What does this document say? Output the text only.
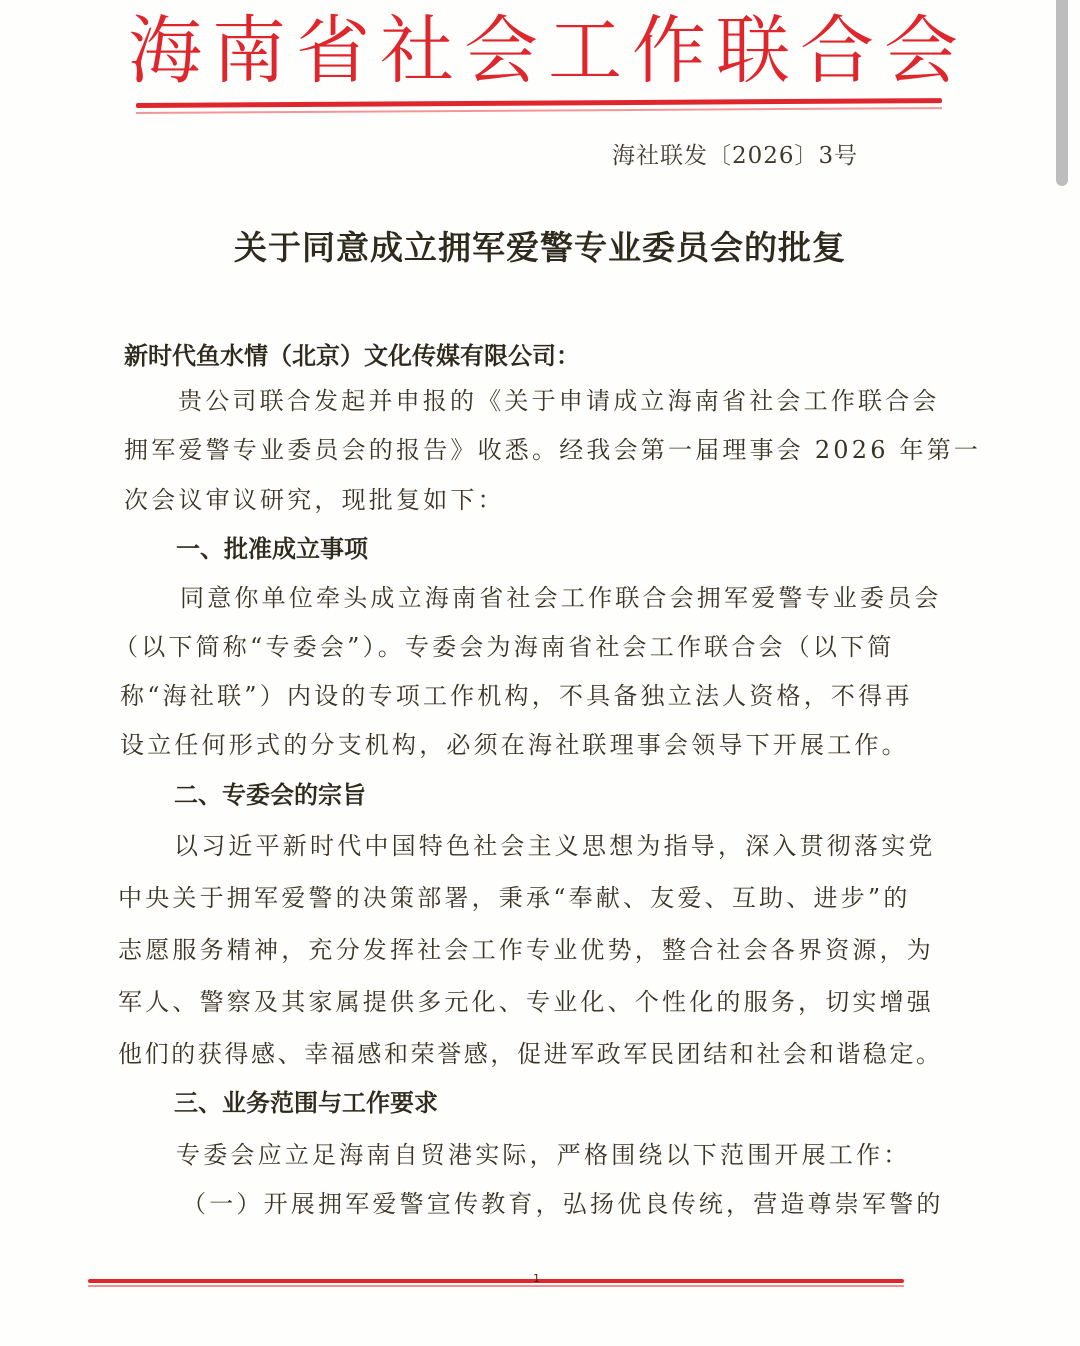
海南省社会工作联合会
海社联发〔2026〕3号
关于同意成立拥军爱警专业委员会的批复
新时代鱼水情（北京）文化传媒有限公司：
贵公司联合发起并申报的《关于申请成立海南省社会工作联合会
拥军爱警专业委员会的报告》收悉。经我会第一届理事会 2026 年第一
次会议审议研究，现批复如下：
一、批准成立事项
同意你单位牵头成立海南省社会工作联合会拥军爱警专业委员会
（以下简称“专委会”）。专委会为海南省社会工作联合会（以下简
称“海社联”）内设的专项工作机构，不具备独立法人资格，不得再
设立任何形式的分支机构，必须在海社联理事会领导下开展工作。
二、专委会的宗旨
以习近平新时代中国特色社会主义思想为指导，深入贯彻落实党
中央关于拥军爱警的决策部署，秉承“奉献、友爱、互助、进步”的
志愿服务精神，充分发挥社会工作专业优势，整合社会各界资源，为
军人、警察及其家属提供多元化、专业化、个性化的服务，切实增强
他们的获得感、幸福感和荣誉感，促进军政军民团结和社会和谐稳定。
三、业务范围与工作要求
专委会应立足海南自贸港实际，严格围绕以下范围开展工作：
（一）开展拥军爱警宣传教育，弘扬优良传统，营造尊崇军警的
1
